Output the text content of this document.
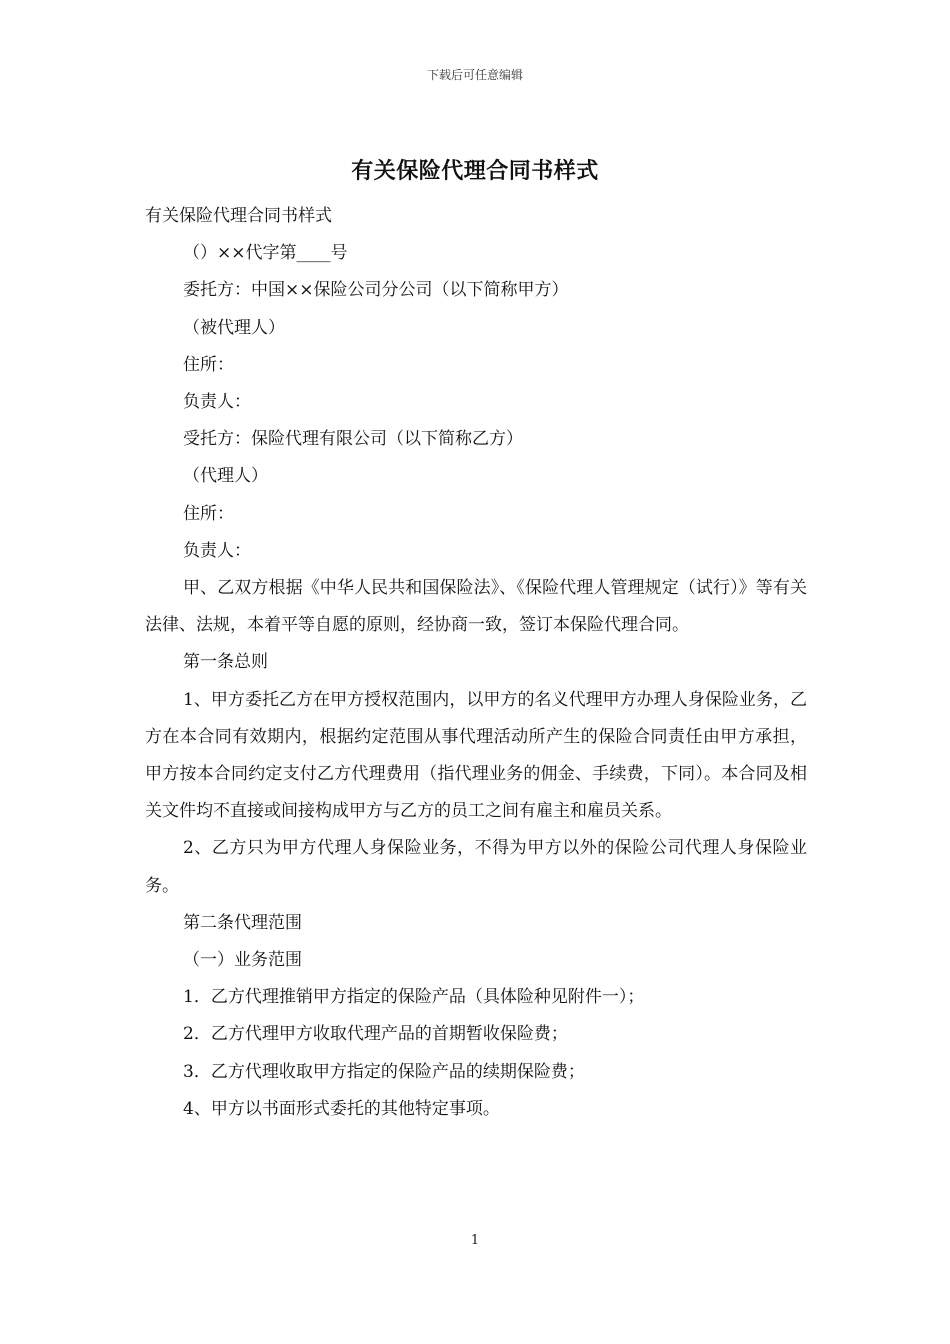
下载后可任意编辑
有关保险代理合同书样式

有关保险代理合同书样式

（）××代字第____号

委托方：中国××保险公司分公司（以下简称甲方）

（被代理人）

住所：

负责人：

受托方：保险代理有限公司（以下简称乙方）

（代理人）

住所：

负责人：

甲、乙双方根据《中华人民共和国保险法》、《保险代理人管理规定（试行）》等有关法律、法规，本着平等自愿的原则，经协商一致，签订本保险代理合同。

第一条总则

1、甲方委托乙方在甲方授权范围内，以甲方的名义代理甲方办理人身保险业务，乙方在本合同有效期内，根据约定范围从事代理活动所产生的保险合同责任由甲方承担，甲方按本合同约定支付乙方代理费用（指代理业务的佣金、手续费，下同）。本合同及相关文件均不直接或间接构成甲方与乙方的员工之间有雇主和雇员关系。

2、乙方只为甲方代理人身保险业务，不得为甲方以外的保险公司代理人身保险业务。

第二条代理范围

（一）业务范围

1．乙方代理推销甲方指定的保险产品（具体险种见附件一）；

2．乙方代理甲方收取代理产品的首期暂收保险费；

3．乙方代理收取甲方指定的保险产品的续期保险费；

4、甲方以书面形式委托的其他特定事项。

1
